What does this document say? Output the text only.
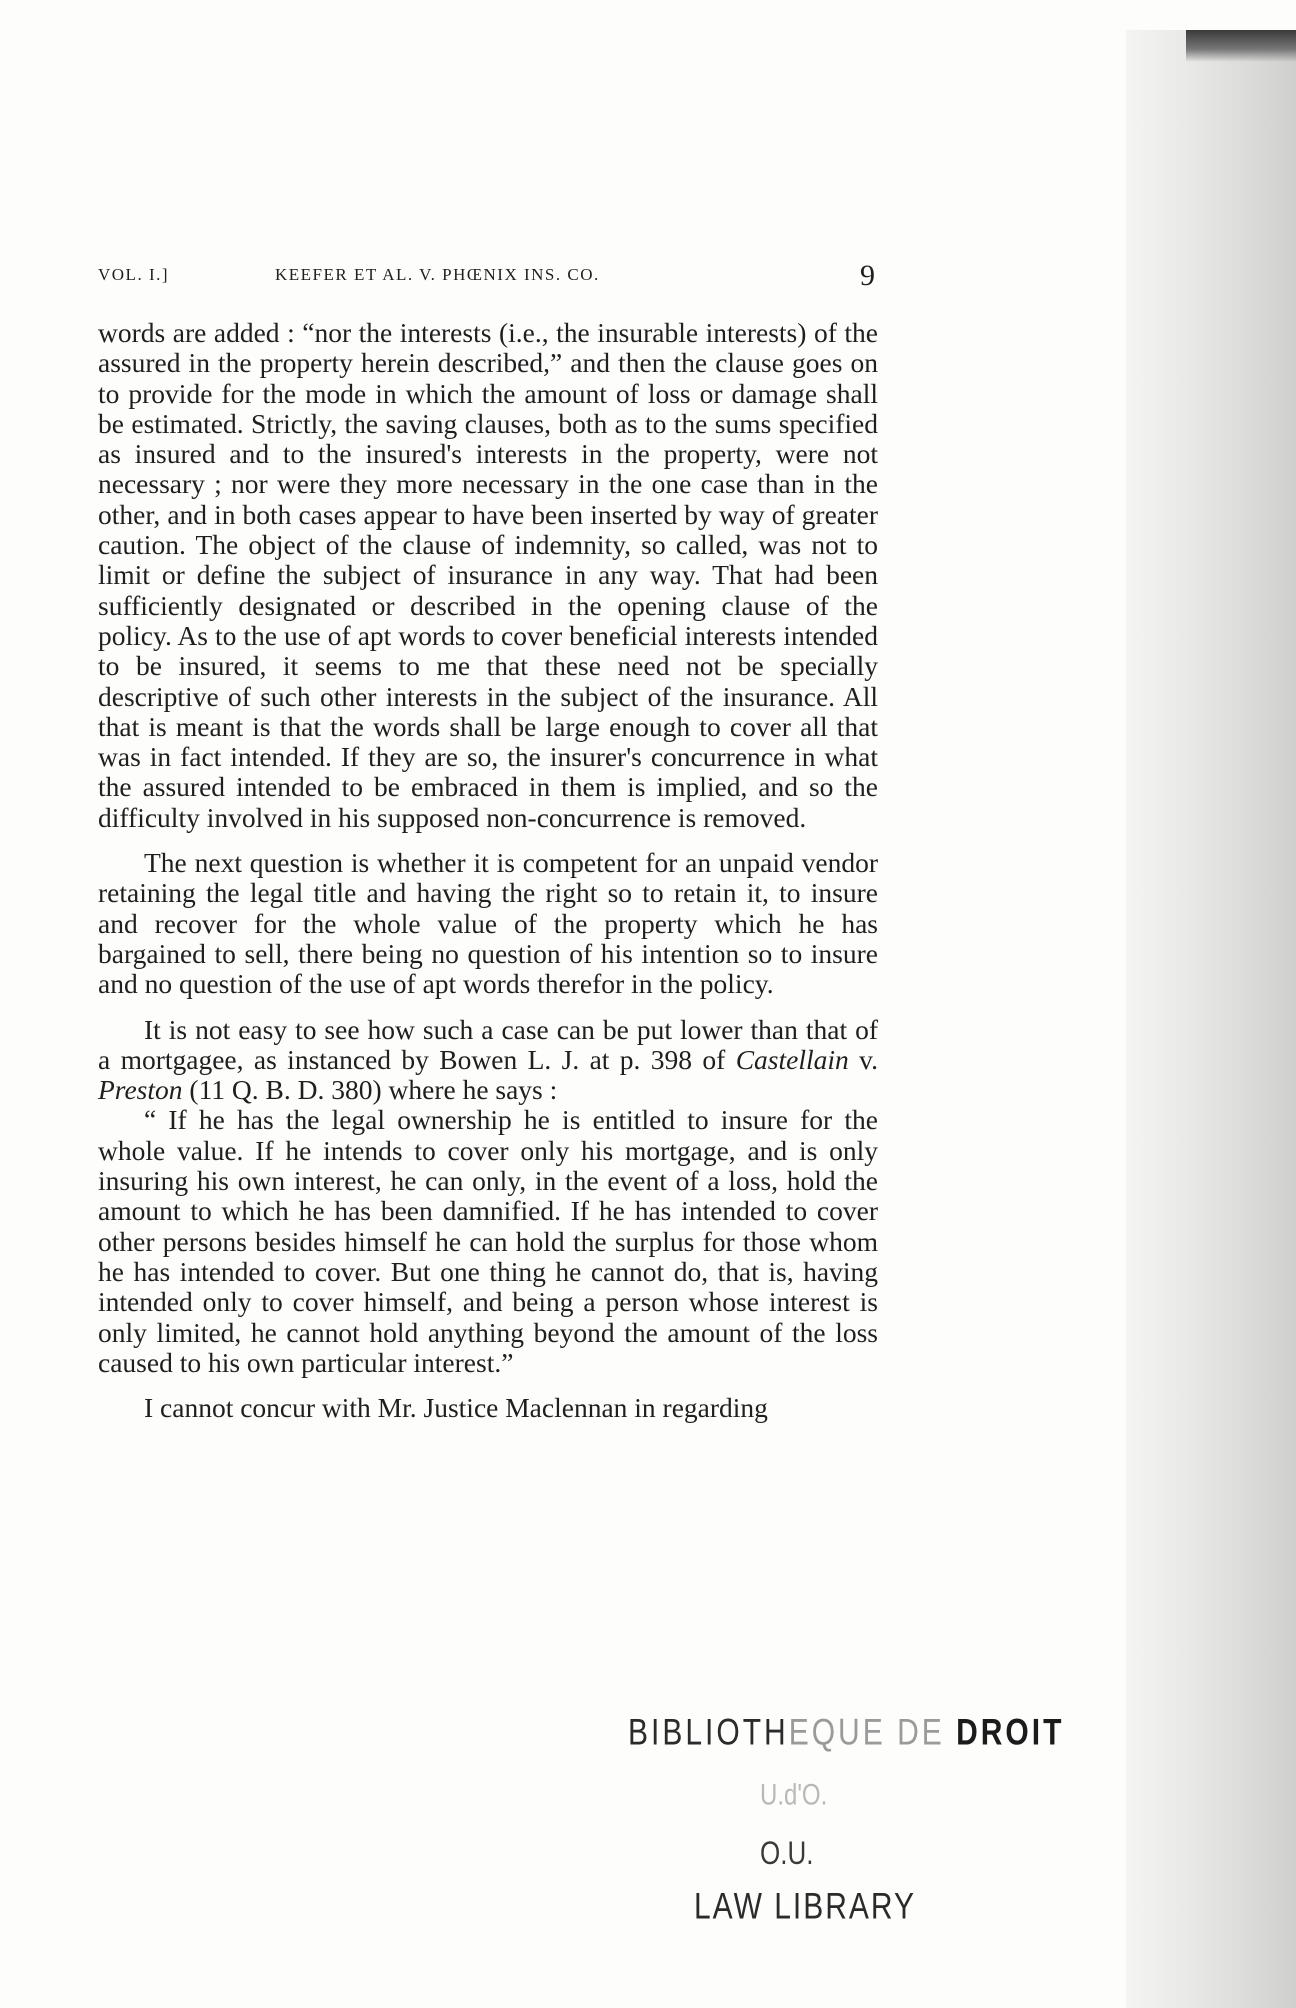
VOL. I.]	KEEFER ET AL. V. PHŒNIX INS. CO.	9

words are added : “nor the interests (i.e., the insurable interests) of the assured in the property herein described,” and then the clause goes on to provide for the mode in which the amount of loss or damage shall be estimated. Strictly, the saving clauses, both as to the sums specified as insured and to the insured's interests in the property, were not necessary ; nor were they more necessary in the one case than in the other, and in both cases appear to have been inserted by way of greater caution. The object of the clause of indemnity, so called, was not to limit or define the subject of insurance in any way. That had been sufficiently designated or described in the opening clause of the policy. As to the use of apt words to cover beneficial interests intended to be insured, it seems to me that these need not be specially descriptive of such other interests in the subject of the insurance. All that is meant is that the words shall be large enough to cover all that was in fact intended. If they are so, the insurer's concurrence in what the assured intended to be embraced in them is implied, and so the difficulty involved in his supposed non-concurrence is removed.

The next question is whether it is competent for an unpaid vendor retaining the legal title and having the right so to retain it, to insure and recover for the whole value of the property which he has bargained to sell, there being no question of his intention so to insure and no question of the use of apt words therefor in the policy.

It is not easy to see how such a case can be put lower than that of a mortgagee, as instanced by Bowen L. J. at p. 398 of Castellain v. Preston (11 Q. B. D. 380) where he says :

“ If he has the legal ownership he is entitled to insure for the whole value. If he intends to cover only his mortgage, and is only insuring his own interest, he can only, in the event of a loss, hold the amount to which he has been damnified. If he has intended to cover other persons besides himself he can hold the surplus for those whom he has intended to cover. But one thing he cannot do, that is, having intended only to cover himself, and being a person whose interest is only limited, he cannot hold anything beyond the amount of the loss caused to his own particular interest.”

I cannot concur with Mr. Justice Maclennan in regarding

BIBLIOTHEQUE DE DROIT
U.d'O.
O.U.
LAW LIBRARY
